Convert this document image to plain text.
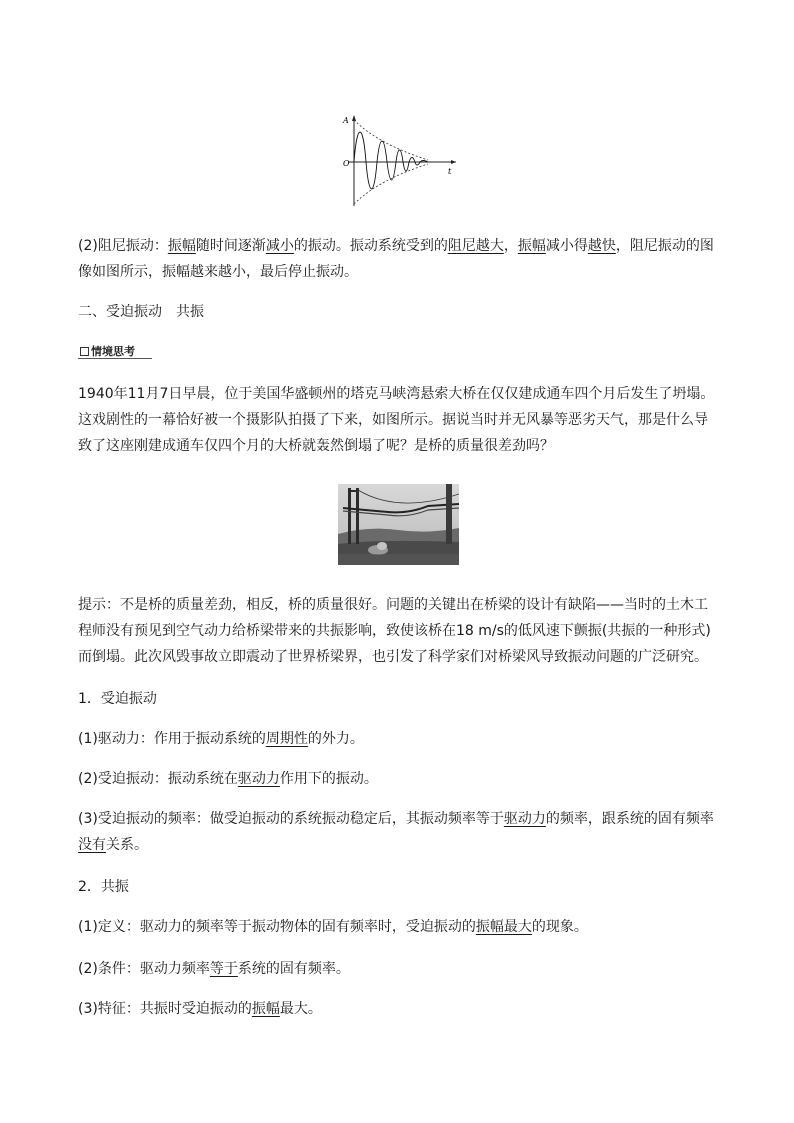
A
O
t

(2)阻尼振动：振幅随时间逐渐减小的振动。振动系统受到的阻尼越大，振幅减小得越快，阻尼振动的图像如图所示，振幅越来越小，最后停止振动。

二、受迫振动　共振

情境思考

1940年11月7日早晨，位于美国华盛顿州的塔克马峡湾悬索大桥在仅仅建成通车四个月后发生了坍塌。这戏剧性的一幕恰好被一个摄影队拍摄了下来，如图所示。据说当时并无风暴等恶劣天气，那是什么导致了这座刚建成通车仅四个月的大桥就轰然倒塌了呢？是桥的质量很差劲吗？

提示：不是桥的质量差劲，相反，桥的质量很好。问题的关键出在桥梁的设计有缺陷——当时的土木工程师没有预见到空气动力给桥梁带来的共振影响，致使该桥在18 m/s的低风速下颤振(共振的一种形式)而倒塌。此次风毁事故立即震动了世界桥梁界，也引发了科学家们对桥梁风导致振动问题的广泛研究。

1．受迫振动

(1)驱动力：作用于振动系统的周期性的外力。

(2)受迫振动：振动系统在驱动力作用下的振动。

(3)受迫振动的频率：做受迫振动的系统振动稳定后，其振动频率等于驱动力的频率，跟系统的固有频率没有关系。

2．共振

(1)定义：驱动力的频率等于振动物体的固有频率时，受迫振动的振幅最大的现象。

(2)条件：驱动力频率等于系统的固有频率。

(3)特征：共振时受迫振动的振幅最大。
